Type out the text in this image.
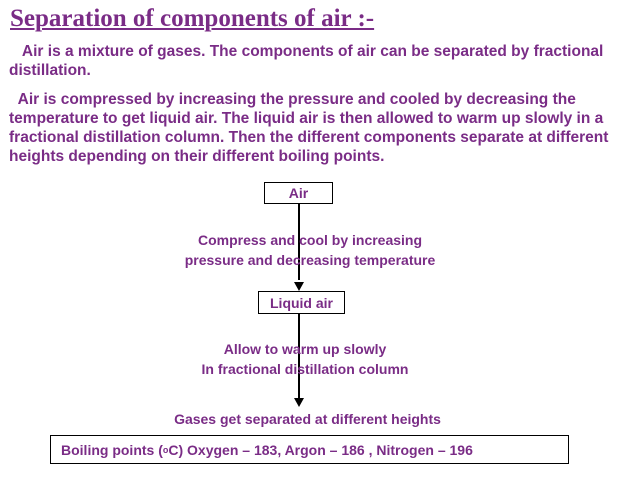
Separation of components of air :-

Air is a mixture of gases. The components of air can be separated by fractional distillation.

Air is compressed by increasing the pressure and cooled by decreasing the temperature to get liquid air. The liquid air is then allowed to warm up slowly in a fractional distillation column. Then the different components separate at different heights depending on their different boiling points.

Air
Compress and cool by increasing
pressure and decreasing temperature
Liquid air
Allow to warm up slowly
In fractional distillation column
Gases get separated at different heights
Boiling points ( o C) Oxygen – 183, Argon – 186 , Nitrogen – 196
